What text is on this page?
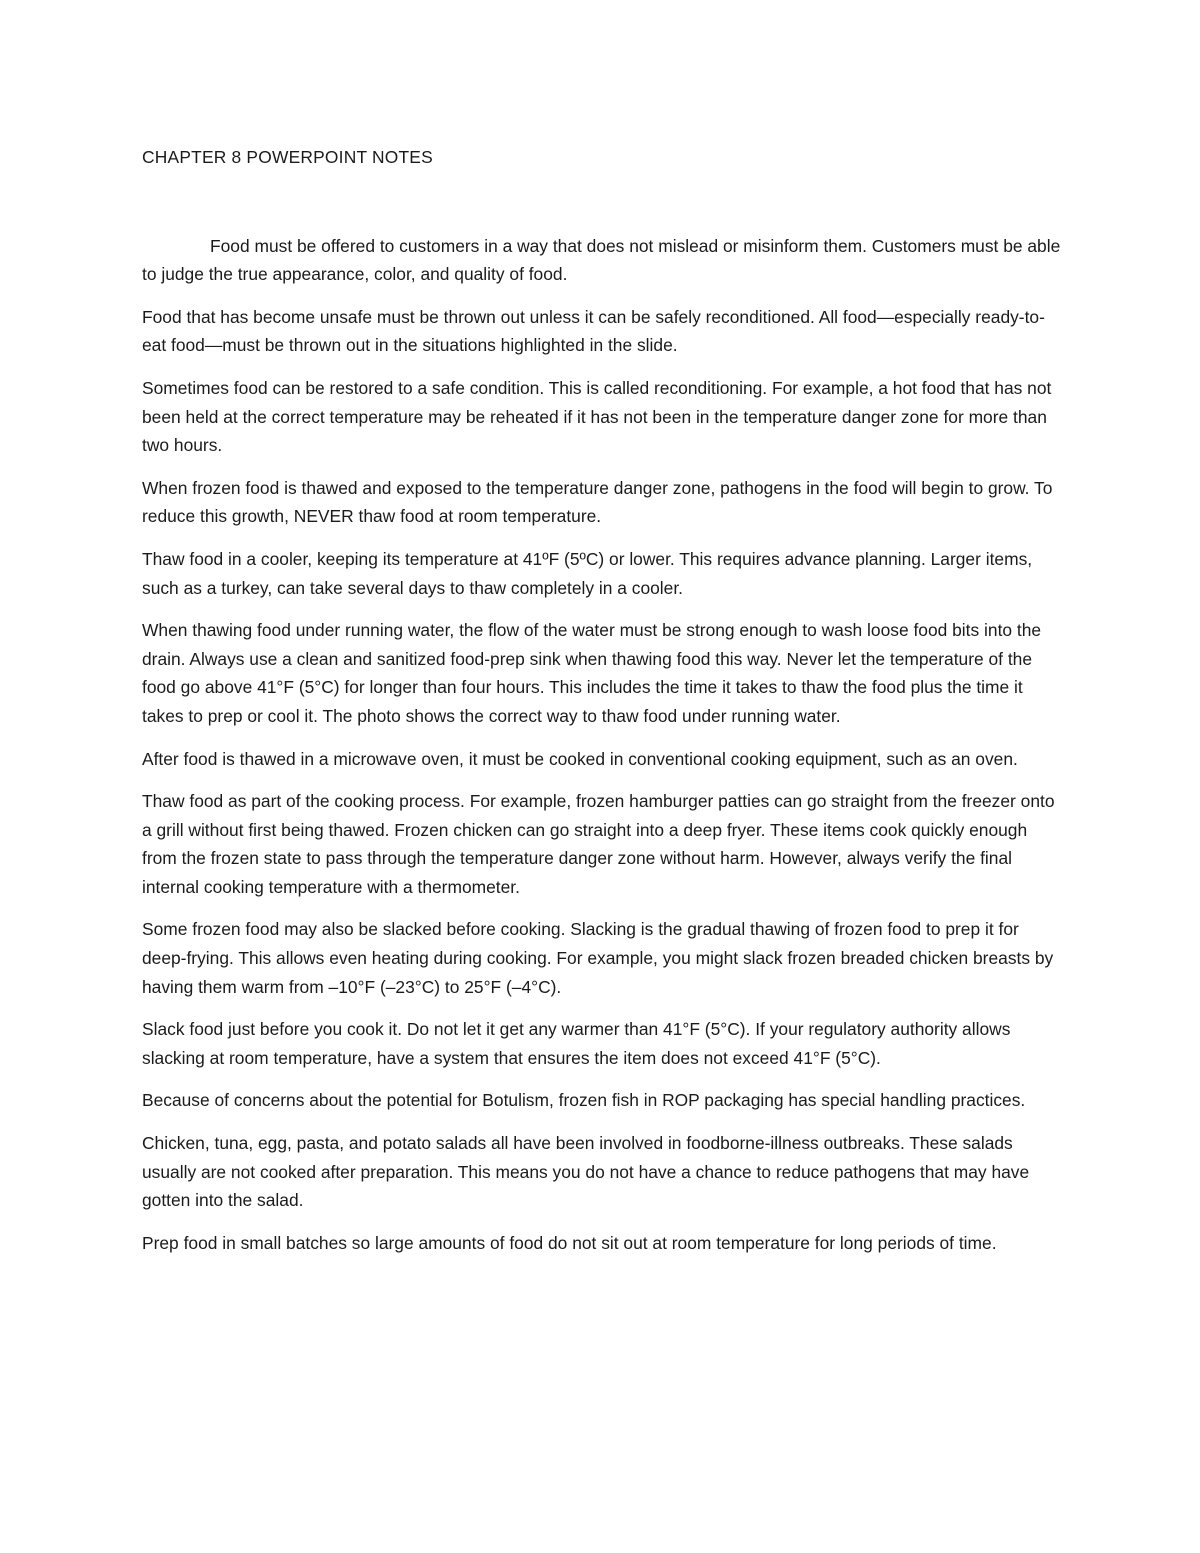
CHAPTER 8 POWERPOINT NOTES

Food must be offered to customers in a way that does not mislead or misinform them. Customers must be able to judge the true appearance, color, and quality of food.

Food that has become unsafe must be thrown out unless it can be safely reconditioned. All food—especially ready-to-eat food—must be thrown out in the situations highlighted in the slide.

Sometimes food can be restored to a safe condition. This is called reconditioning. For example, a hot food that has not been held at the correct temperature may be reheated if it has not been in the temperature danger zone for more than two hours.

When frozen food is thawed and exposed to the temperature danger zone, pathogens in the food will begin to grow. To reduce this growth, NEVER thaw food at room temperature.

Thaw food in a cooler, keeping its temperature at 41ºF (5ºC) or lower. This requires advance planning. Larger items, such as a turkey, can take several days to thaw completely in a cooler.

When thawing food under running water, the flow of the water must be strong enough to wash loose food bits into the drain. Always use a clean and sanitized food-prep sink when thawing food this way. Never let the temperature of the food go above 41°F (5°C) for longer than four hours. This includes the time it takes to thaw the food plus the time it takes to prep or cool it. The photo shows the correct way to thaw food under running water.

After food is thawed in a microwave oven, it must be cooked in conventional cooking equipment, such as an oven.

Thaw food as part of the cooking process. For example, frozen hamburger patties can go straight from the freezer onto a grill without first being thawed. Frozen chicken can go straight into a deep fryer. These items cook quickly enough from the frozen state to pass through the temperature danger zone without harm. However, always verify the final internal cooking temperature with a thermometer.

Some frozen food may also be slacked before cooking. Slacking is the gradual thawing of frozen food to prep it for deep-frying. This allows even heating during cooking. For example, you might slack frozen breaded chicken breasts by having them warm from –10°F (–23°C) to 25°F (–4°C).

Slack food just before you cook it. Do not let it get any warmer than 41°F (5°C). If your regulatory authority allows slacking at room temperature, have a system that ensures the item does not exceed 41°F (5°C).

Because of concerns about the potential for Botulism, frozen fish in ROP packaging has special handling practices.

Chicken, tuna, egg, pasta, and potato salads all have been involved in foodborne-illness outbreaks. These salads usually are not cooked after preparation. This means you do not have a chance to reduce pathogens that may have gotten into the salad.

Prep food in small batches so large amounts of food do not sit out at room temperature for long periods of time.
